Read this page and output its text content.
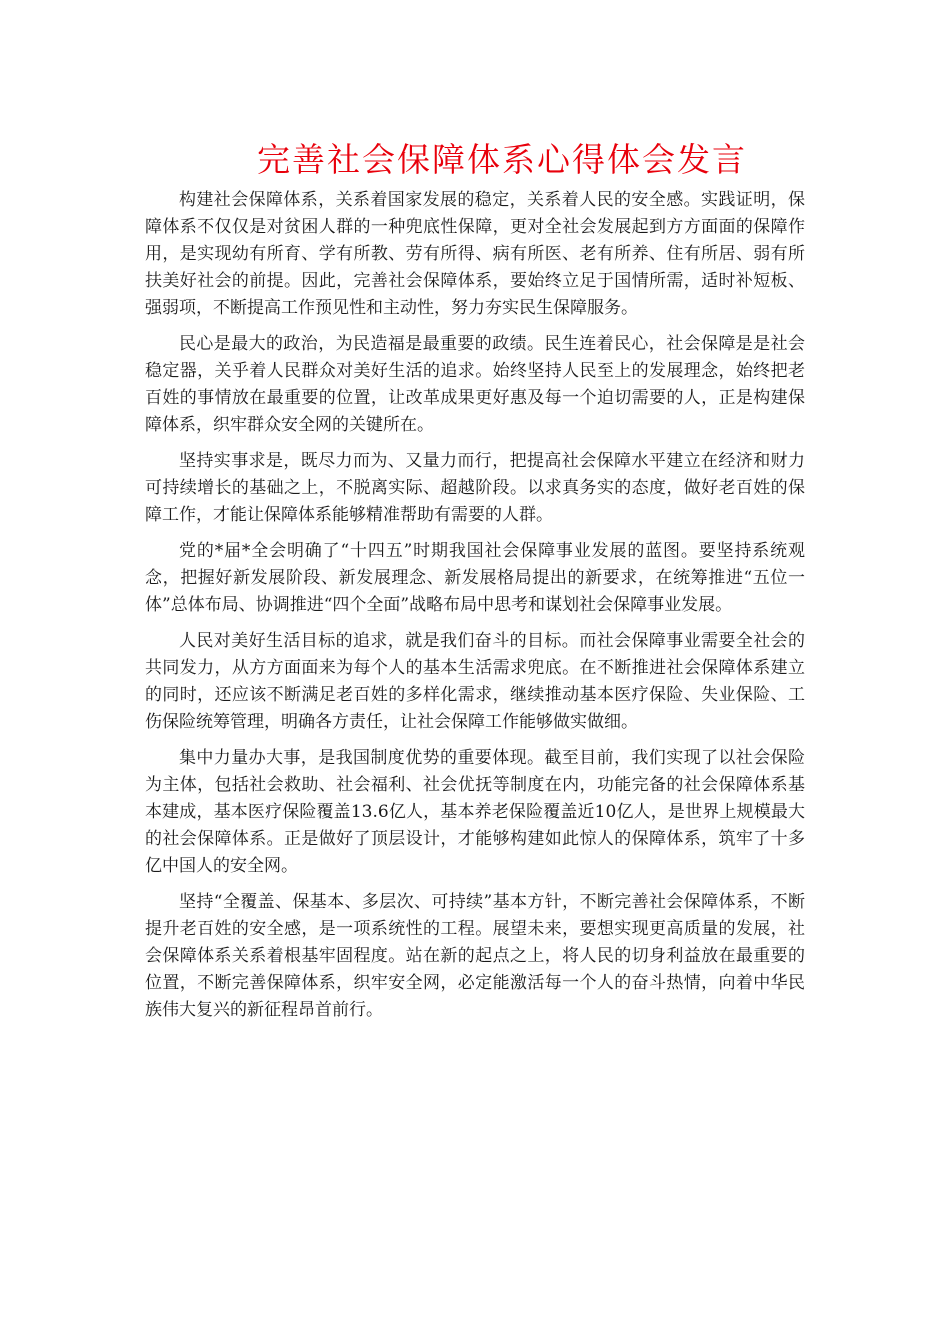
完善社会保障体系心得体会发言

构建社会保障体系，关系着国家发展的稳定，关系着人民的安全感。实践证明，保障体系不仅仅是对贫困人群的一种兜底性保障，更对全社会发展起到方方面面的保障作用，是实现幼有所育、学有所教、劳有所得、病有所医、老有所养、住有所居、弱有所扶美好社会的前提。因此，完善社会保障体系，要始终立足于国情所需，适时补短板、强弱项，不断提高工作预见性和主动性，努力夯实民生保障服务。

民心是最大的政治，为民造福是最重要的政绩。民生连着民心，社会保障是是社会稳定器，关乎着人民群众对美好生活的追求。始终坚持人民至上的发展理念，始终把老百姓的事情放在最重要的位置，让改革成果更好惠及每一个迫切需要的人，正是构建保障体系，织牢群众安全网的关键所在。

坚持实事求是，既尽力而为、又量力而行，把提高社会保障水平建立在经济和财力可持续增长的基础之上，不脱离实际、超越阶段。以求真务实的态度，做好老百姓的保障工作，才能让保障体系能够精准帮助有需要的人群。

党的*届*全会明确了“十四五”时期我国社会保障事业发展的蓝图。要坚持系统观念，把握好新发展阶段、新发展理念、新发展格局提出的新要求，在统筹推进“五位一体”总体布局、协调推进“四个全面”战略布局中思考和谋划社会保障事业发展。

人民对美好生活目标的追求，就是我们奋斗的目标。而社会保障事业需要全社会的共同发力，从方方面面来为每个人的基本生活需求兜底。在不断推进社会保障体系建立的同时，还应该不断满足老百姓的多样化需求，继续推动基本医疗保险、失业保险、工伤保险统筹管理，明确各方责任，让社会保障工作能够做实做细。

集中力量办大事，是我国制度优势的重要体现。截至目前，我们实现了以社会保险为主体，包括社会救助、社会福利、社会优抚等制度在内，功能完备的社会保障体系基本建成，基本医疗保险覆盖13.6亿人，基本养老保险覆盖近10亿人，是世界上规模最大的社会保障体系。正是做好了顶层设计，才能够构建如此惊人的保障体系，筑牢了十多亿中国人的安全网。

坚持“全覆盖、保基本、多层次、可持续”基本方针，不断完善社会保障体系，不断提升老百姓的安全感，是一项系统性的工程。展望未来，要想实现更高质量的发展，社会保障体系关系着根基牢固程度。站在新的起点之上，将人民的切身利益放在最重要的位置，不断完善保障体系，织牢安全网，必定能激活每一个人的奋斗热情，向着中华民族伟大复兴的新征程昂首前行。
